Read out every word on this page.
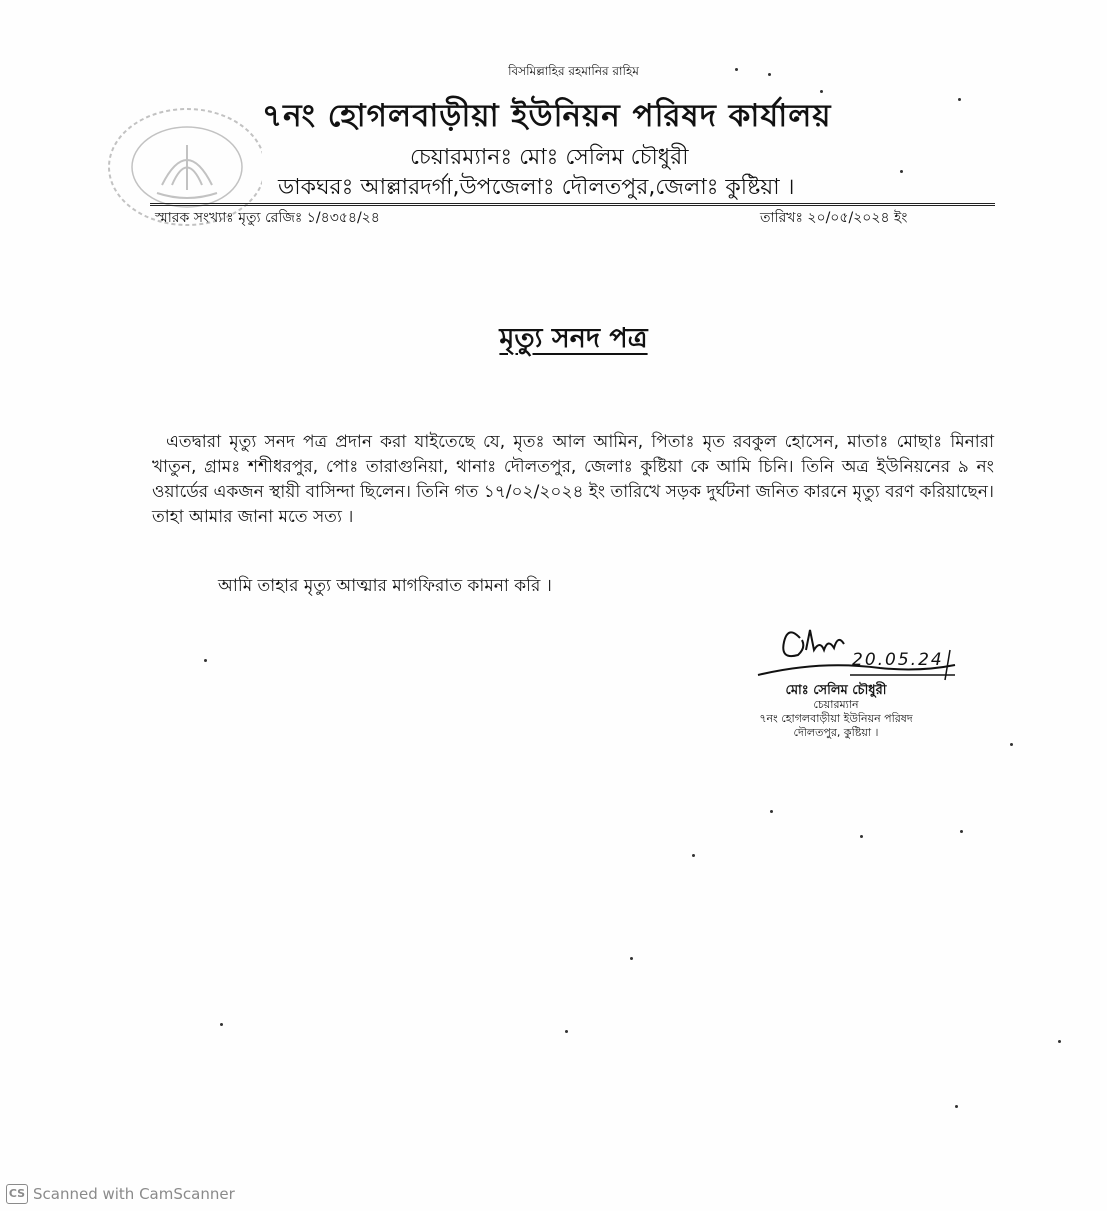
বিসমিল্লাহির রহমানির রাহিম
৭নং হোগলবাড়ীয়া ইউনিয়ন পরিষদ কার্যালয়
চেয়ারম্যানঃ মোঃ সেলিম চৌধুরী
ডাকঘরঃ আল্লারদর্গা,উপজেলাঃ দৌলতপুর,জেলাঃ কুষ্টিয়া ।
স্মারক সংখ্যাঃ মৃত্যু রেজিঃ ১/৪৩৫৪/২৪	তারিখঃ ২০/০৫/২০২৪ ইং
মৃত্যু সনদ পত্র
এতদ্বারা মৃত্যু সনদ পত্র প্রদান করা যাইতেছে যে, মৃতঃ আল আমিন, পিতাঃ মৃত রবকুল হোসেন, মাতাঃ মোছাঃ মিনারা খাতুন, গ্রামঃ শশীধরপুর, পোঃ তারাগুনিয়া, থানাঃ দৌলতপুর, জেলাঃ কুষ্টিয়া কে আমি চিনি। তিনি অত্র ইউনিয়নের ৯ নং ওয়ার্ডের একজন স্থায়ী বাসিন্দা ছিলেন। তিনি গত ১৭/০২/২০২৪ ইং তারিখে সড়ক দুর্ঘটনা জনিত কারনে মৃত্যু বরণ করিয়াছেন। তাহা আমার জানা মতে সত্য ।
আমি তাহার মৃত্যু আত্মার মাগফিরাত কামনা করি ।
20.05.24
মোঃ সেলিম চৌধুরী
চেয়ারম্যান
৭নং হোগলবাড়ীয়া ইউনিয়ন পরিষদ
দৌলতপুর, কুষ্টিয়া ।
CS Scanned with CamScanner
